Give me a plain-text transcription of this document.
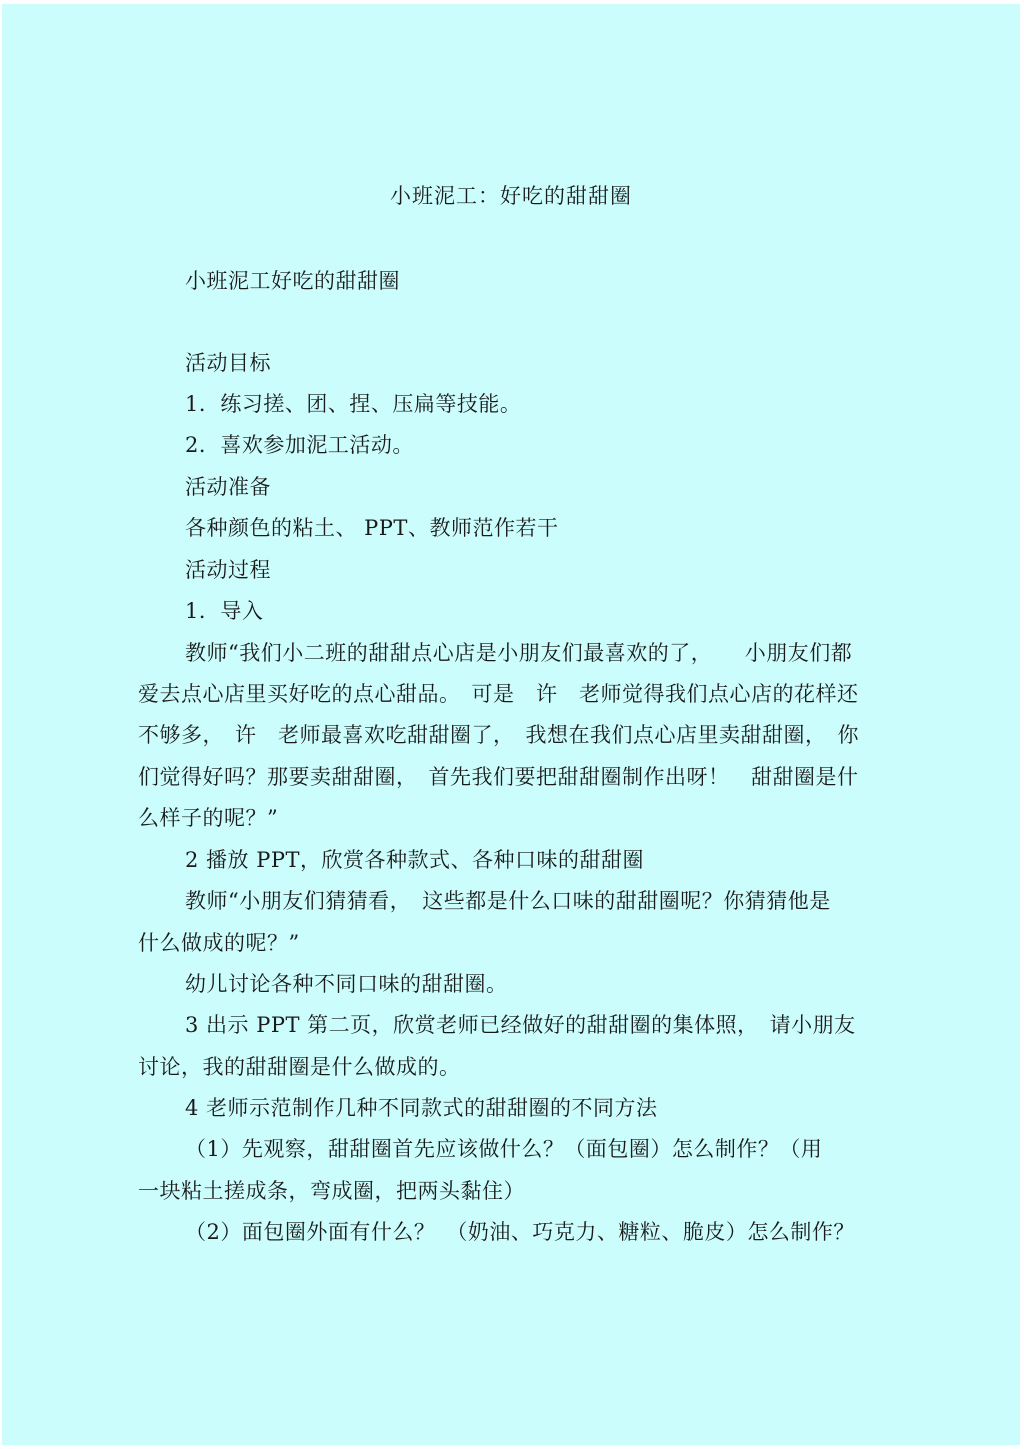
小班泥工：好吃的甜甜圈
小班泥工好吃的甜甜圈
活动目标
1．练习搓、团、捏、压扁等技能。
2．喜欢参加泥工活动。
活动准备
各种颜色的粘土、 PPT、教师范作若干
活动过程
1．导入
教师“我们小二班的甜甜点心店是小朋友们最喜欢的了，　　小朋友们都
爱去点心店里买好吃的点心甜品。　可是　许　老师觉得我们点心店的花样还
不够多，　许　老师最喜欢吃甜甜圈了，　我想在我们点心店里卖甜甜圈，　你
们觉得好吗？那要卖甜甜圈，　首先我们要把甜甜圈制作出呀！　甜甜圈是什
么样子的呢？”
2 播放 PPT，欣赏各种款式、各种口味的甜甜圈
教师“小朋友们猜猜看，　这些都是什么口味的甜甜圈呢？你猜猜他是
什么做成的呢？”
幼儿讨论各种不同口味的甜甜圈。
3 出示 PPT 第二页，欣赏老师已经做好的甜甜圈的集体照，　请小朋友
讨论，我的甜甜圈是什么做成的。
4 老师示范制作几种不同款式的甜甜圈的不同方法
（1）先观察，甜甜圈首先应该做什么？（面包圈）怎么制作？（用
一块粘土搓成条，弯成圈，把两头黏住）
（2）面包圈外面有什么？　（奶油、巧克力、糖粒、脆皮）怎么制作？
